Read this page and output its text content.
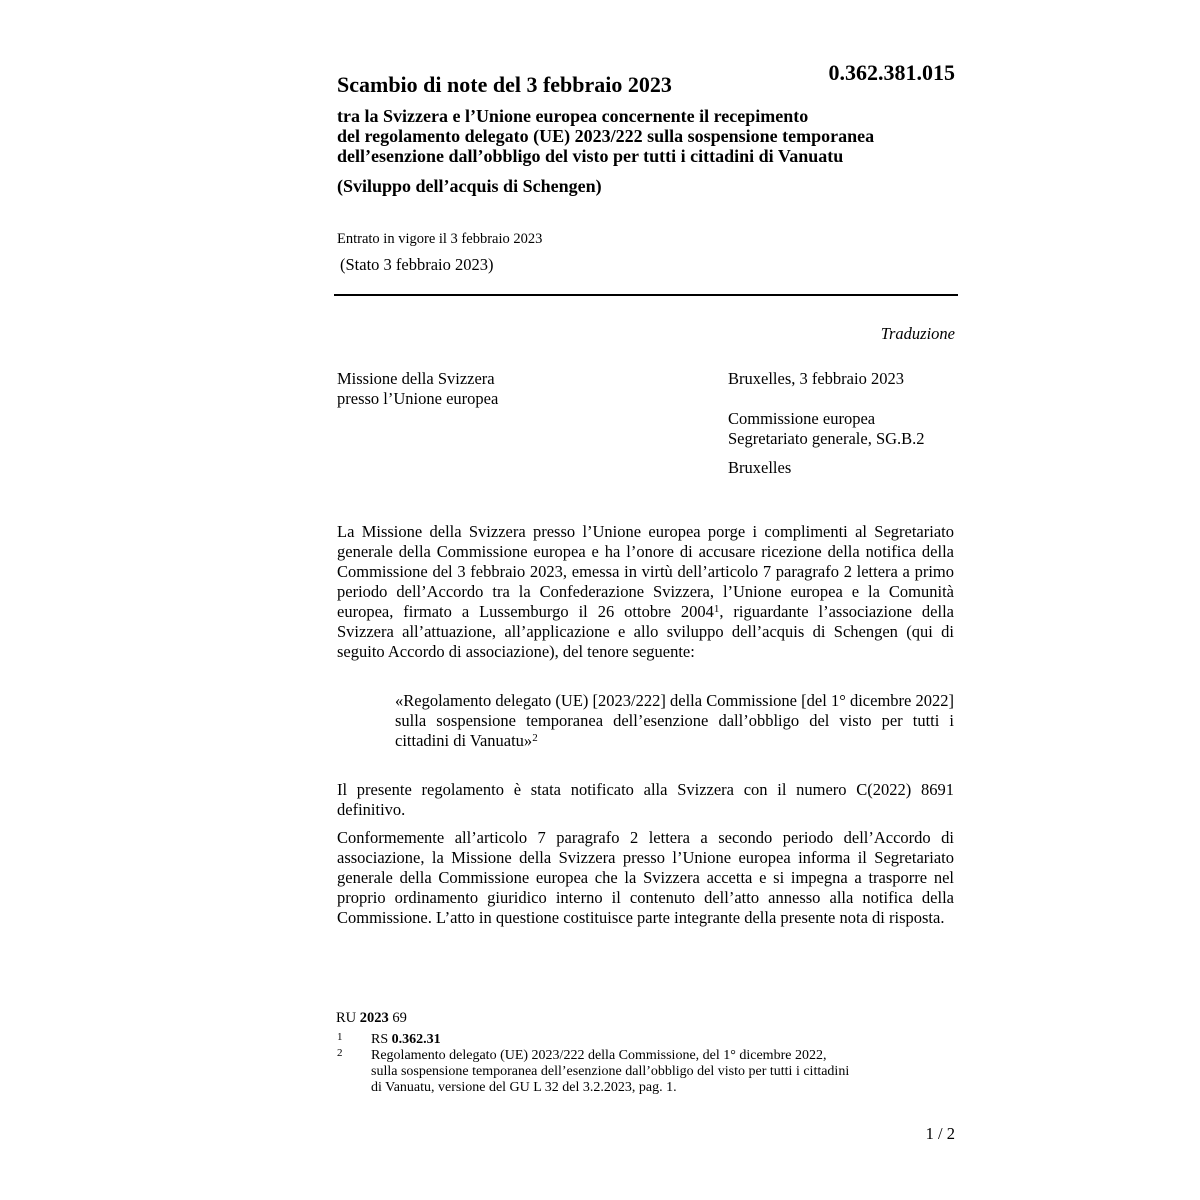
Scambio di note del 3 febbraio 2023	0.362.381.015
tra la Svizzera e l’Unione europea concernente il recepimento
del regolamento delegato (UE) 2023/222 sulla sospensione temporanea
dell’esenzione dall’obbligo del visto per tutti i cittadini di Vanuatu
(Sviluppo dell’acquis di Schengen)
Entrato in vigore il 3 febbraio 2023
(Stato 3 febbraio 2023)
Traduzione
Missione della Svizzera
presso l’Unione europea
Bruxelles, 3 febbraio 2023
Commissione europea
Segretariato generale, SG.B.2
Bruxelles

La Missione della Svizzera presso l’Unione europea porge i complimenti al Segretariato generale della Commissione europea e ha l’onore di accusare ricezione della notifica della Commissione del 3 febbraio 2023, emessa in virtù dell’articolo 7 paragrafo 2 lettera a primo periodo dell’Accordo tra la Confederazione Svizzera, l’Unione europea e la Comunità europea, firmato a Lussemburgo il 26 ottobre 2004$^1$, riguardante l’associazione della Svizzera all’attuazione, all’applicazione e allo sviluppo dell’acquis di Schengen (qui di seguito Accordo di associazione), del tenore seguente:

«Regolamento delegato (UE) [2023/222] della Commissione [del 1° dicembre 2022] sulla sospensione temporanea dell’esenzione dall’obbligo del visto per tutti i cittadini di Vanuatu»$^2$

Il presente regolamento è stata notificato alla Svizzera con il numero C(2022) 8691 definitivo.

Conformemente all’articolo 7 paragrafo 2 lettera a secondo periodo dell’Accordo di associazione, la Missione della Svizzera presso l’Unione europea informa il Segretariato generale della Commissione europea che la Svizzera accetta e si impegna a trasporre nel proprio ordinamento giuridico interno il contenuto dell’atto annesso alla notifica della Commissione. L’atto in questione costituisce parte integrante della presente nota di risposta.

RU 2023 69
1 RS 0.362.31
2 Regolamento delegato (UE) 2023/222 della Commissione, del 1° dicembre 2022,
sulla sospensione temporanea dell’esenzione dall’obbligo del visto per tutti i cittadini
di Vanuatu, versione del GU L 32 del 3.2.2023, pag. 1.
1 / 2
